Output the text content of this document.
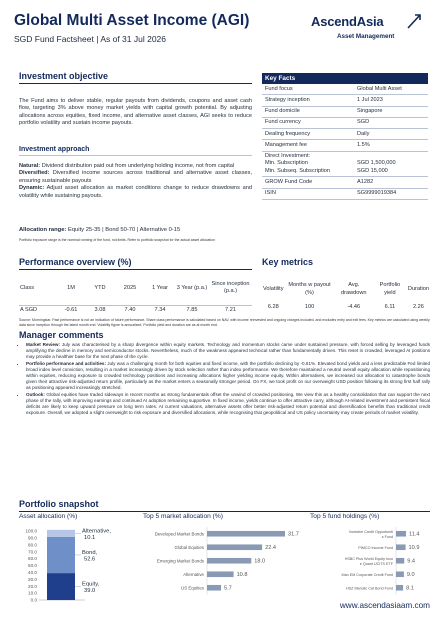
Global Multi Asset Income (AGI)
SGD Fund Factsheet | As of 31 Jul 2026
AscendAsia
Asset Management
Investment objective
The Fund aims to deliver stable, regular payouts from dividends, coupons and asset cash flow, targeting 3% above money market yields with capital growth potential. By adjusting allocations across equities, fixed income, and alternative asset classes, AGI seeks to reduce portfolio volatility and sustain income payouts.
Investment approach
Natural: Dividend distribution paid out from underlying holding income, not from capital
Diversified: Diversified income sources across traditional and alternative asset classes, ensuring sustainable payouts
Dynamic: Adjust asset allocation as market conditions change to reduce drawdowns and volatility while sustaining payouts.
Allocation range: Equity 25-35 | Bond 50-70 | Alternative 0-15
Portfolio exposure range is the nominal running of the fund, not limits. Refer to portfolio snapshot for the actual asset allocation
Key Facts
Fund focus	Global Multi Asset
Strategy inception	1 Jul 2023
Fund domicile	Singapore
Fund currency	SGD
Dealing frequency	Daily
Management fee	1.5%
Direct Investment:
Min. Subscription	SGD 1,500,000
Min. Subseq. Subscription	SGD 15,000
GROW Fund Code	A1282
ISIN	SG9999019384
Performance overview (%)
Class	1M	YTD	2025	1 Year	3 Year (p.a.)	Since inception (p.a.)
A SGD	-0.61	3.08	7.40	7.34	7.85	7.21
Key metrics
Volatility	Months w payout (%)	Avg. drawdown	Portfolio yield	Duration
6.28	100	-4.46	6.11	2.26
Source: Morningstar. Past performance is not an indication of future performance. Share class performance is calculated based on NAV, with income reinvested and ongoing charges included, and excludes entry and exit fees. Key metrics are calculated using weekly data since inception through the latest month end. Volatility figure is annualised. Portfolio yield and duration are as at month end.
Manager comments
• Market Review: July was characterised by a sharp divergence within equity markets. Technology and momentum stocks came under sustained pressure, with forced selling by leveraged funds amplifying the decline in memory and semiconductor stocks. Nevertheless, much of the weakness appeared technical rather than fundamentally driven. This reset in crowded, leveraged AI positions may provide a healthier base for the next phase of the cycle.
• Portfolio performance and activities: July was a challenging month for both equities and fixed income, with the portfolio declining by -0.61%. Elevated bond yields and a less predictable Fed limited broad index level conviction, resulting in a market increasingly driven by stock selection rather than index performance. We therefore maintained a neutral overall equity allocation while repositioning within equities, reducing exposure to crowded technology positions and increasing allocations higher yielding income equity. Within alternatives, we increased our allocation to catastrophe bonds given their attractive risk-adjusted return profile, particularly as the market enters a seasonally stronger period. On FX, we took profit on our overweight USD position following its strong first half rally as positioning appeared increasingly stretched.
• Outlook: Global equities have traded sideways in recent months as strong fundamentals offset the unwind of crowded positioning. We view this as a healthy consolidation that can support the next phase of the rally, with improving earnings and continued AI adoption remaining supportive. In fixed income, yields continue to offer attractive carry, although AI-related investment and persistent fiscal deficits are likely to keep upward pressure on long term rates. At current valuations, alternative assets offer better risk-adjusted return potential and diversification benefits than traditional credit exposure. Overall, we adopted a slight overweight to risk exposure and diversified allocations, while recognising that geopolitical and US policy uncertainty may create periods of market volatility.
Portfolio snapshot
Asset allocation (%)	Top 5 market allocation (%)	Top 5 fund holdings (%)
0.0
10.0
20.0
30.0
40.0
50.0
60.0
70.0
80.0
90.0
100.0
Equity,
39.0
Bond,
52.6
Alternative,
10.1
Developed Market Bonds	31.7
Global Equities	22.4
Emerging Market Bonds	18.0
Alternative	10.8
US Equities	5.7
Vontobel Credit Opportuniti s Fund	11.4
PIMCO Income Fund	10.9
HSBC Plus World Equity Inco e Quant UCITS ETF	9.4
Man EM Corporate Credit Fund 9.0
HSZ Manulic Cat Bond Fund 8.1
www.ascendasiaam.com
